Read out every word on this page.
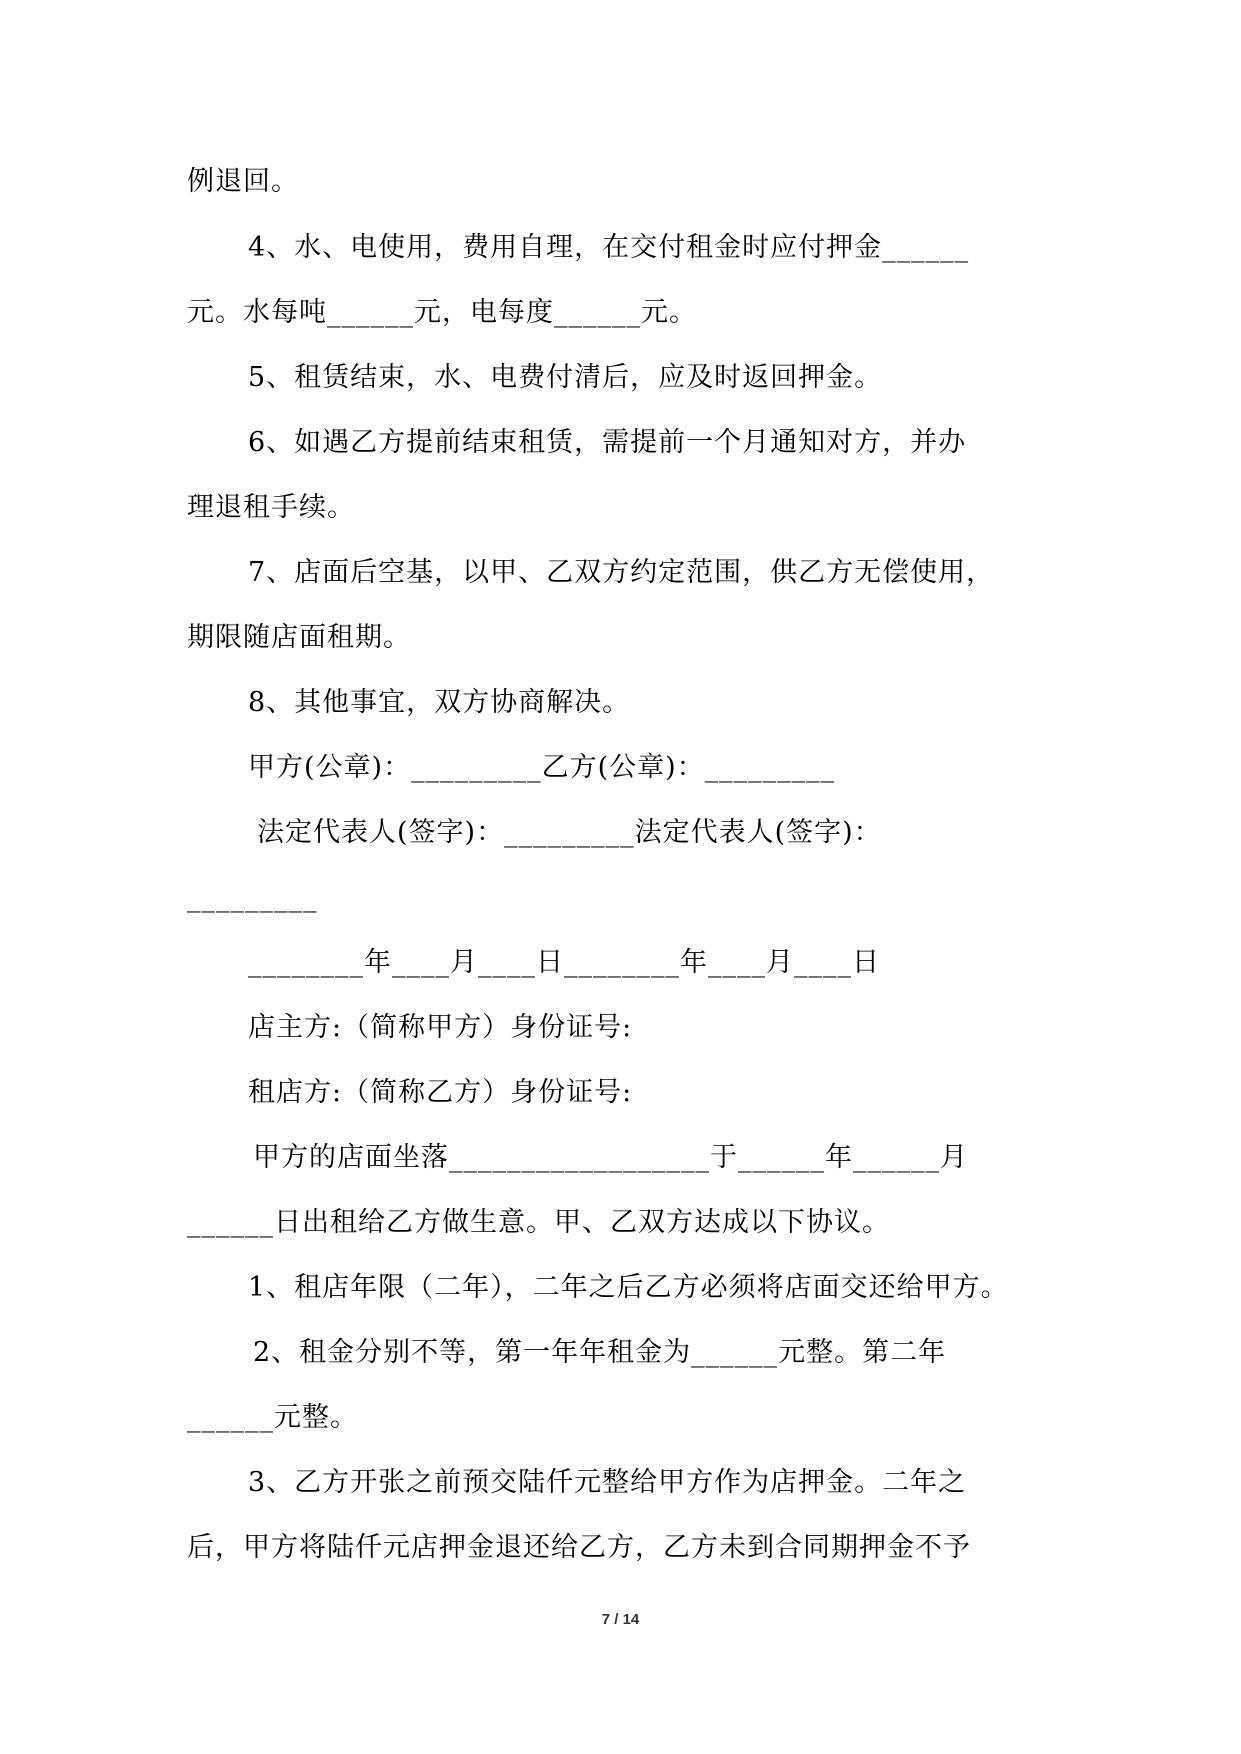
例退回。
4、水、电使用，费用自理，在交付租金时应付押金______
元。水每吨______元，电每度______元。
5、租赁结束，水、电费付清后，应及时返回押金。
6、如遇乙方提前结束租赁，需提前一个月通知对方，并办
理退租手续。
7、店面后空基，以甲、乙双方约定范围，供乙方无偿使用，
期限随店面租期。
8、其他事宜，双方协商解决。
甲方(公章)：_________乙方(公章)：_________
法定代表人(签字)：_________法定代表人(签字)：
_________
________年____月____日________年____月____日
店主方:（简称甲方）身份证号:
租店方:（简称乙方）身份证号:
甲方的店面坐落__________________于______年______月
______日出租给乙方做生意。甲、乙双方达成以下协议。
1、租店年限（二年），二年之后乙方必须将店面交还给甲方。
2、租金分别不等，第一年年租金为______元整。第二年
______元整。
3、乙方开张之前预交陆仟元整给甲方作为店押金。二年之
后，甲方将陆仟元店押金退还给乙方，乙方未到合同期押金不予
7 / 14
